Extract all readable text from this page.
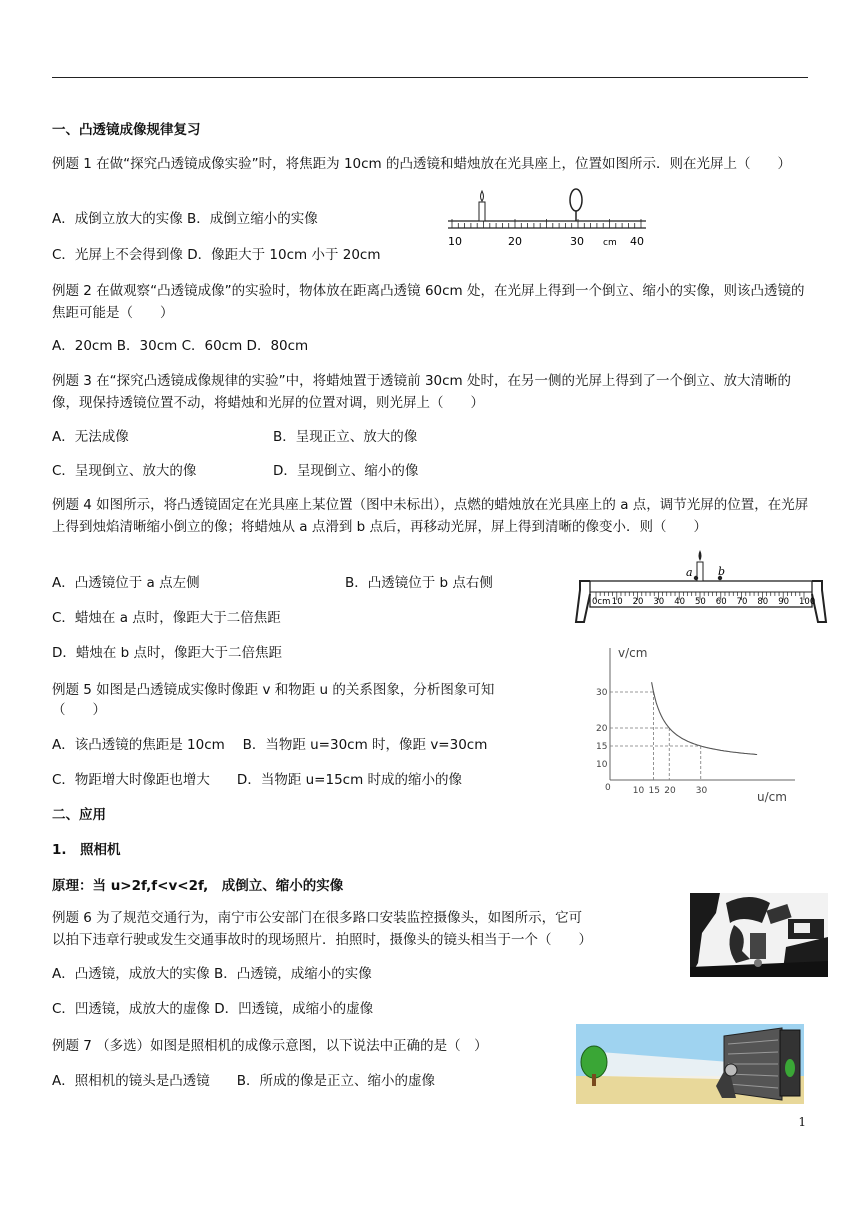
一、凸透镜成像规律复习
例题 1 在做“探究凸透镜成像实验”时，将焦距为 10cm 的凸透镜和蜡烛放在光具座上，位置如图所示．则在光屏上（　　）
A．成倒立放大的实像 B．成倒立缩小的实像
C．光屏上不会得到像 D．像距大于 10cm 小于 20cm
10	20	30 cm 40
例题 2 在做观察“凸透镜成像”的实验时，物体放在距离凸透镜 60cm 处，在光屏上得到一个倒立、缩小的实像，则该凸透镜的焦距可能是（　　）
A．20cm B．30cm C．60cm D．80cm
例题 3 在“探究凸透镜成像规律的实验”中，将蜡烛置于透镜前 30cm 处时，在另一侧的光屏上得到了一个倒立、放大清晰的像，现保持透镜位置不动，将蜡烛和光屏的位置对调，则光屏上（　　）
A．无法成像	B．呈现正立、放大的像
C．呈现倒立、放大的像	D．呈现倒立、缩小的像
例题 4 如图所示，将凸透镜固定在光具座上某位置（图中未标出），点燃的蜡烛放在光具座上的 a 点，调节光屏的位置，在光屏上得到烛焰清晰缩小倒立的像；将蜡烛从 a 点滑到 b 点后，再移动光屏，屏上得到清晰的像变小．则（　　）
A．凸透镜位于 a 点左侧	B．凸透镜位于 b 点右侧
C．蜡烛在 a 点时，像距大于二倍焦距
D．蜡烛在 b 点时，像距大于二倍焦距
a b
0cm 10 20 30 40 50 60 70 80 90 100
例题 5 如图是凸透镜成实像时像距 v 和物距 u 的关系图象，分析图象可知
（　　）
A．该凸透镜的焦距是 10cm　 B．当物距 u=30cm 时，像距 v=30cm
C．物距增大时像距也增大　　D．当物距 u=15cm 时成的缩小的像
v/cm
u/cm
0
10
15
20
30
10 15 20 30
二、应用
1.　照相机
原理：当 u>2f,f<v<2f,　成倒立、缩小的实像
例题 6 为了规范交通行为，南宁市公安部门在很多路口安装监控摄像头，如图所示，它可
以拍下违章行驶或发生交通事故时的现场照片．拍照时，摄像头的镜头相当于一个（　　）
A．凸透镜，成放大的实像 B．凸透镜，成缩小的实像
C．凹透镜，成放大的虚像 D．凹透镜，成缩小的虚像
例题 7 （多选）如图是照相机的成像示意图，以下说法中正确的是（　）
A．照相机的镜头是凸透镜　　B．所成的像是正立、缩小的虚像
1
